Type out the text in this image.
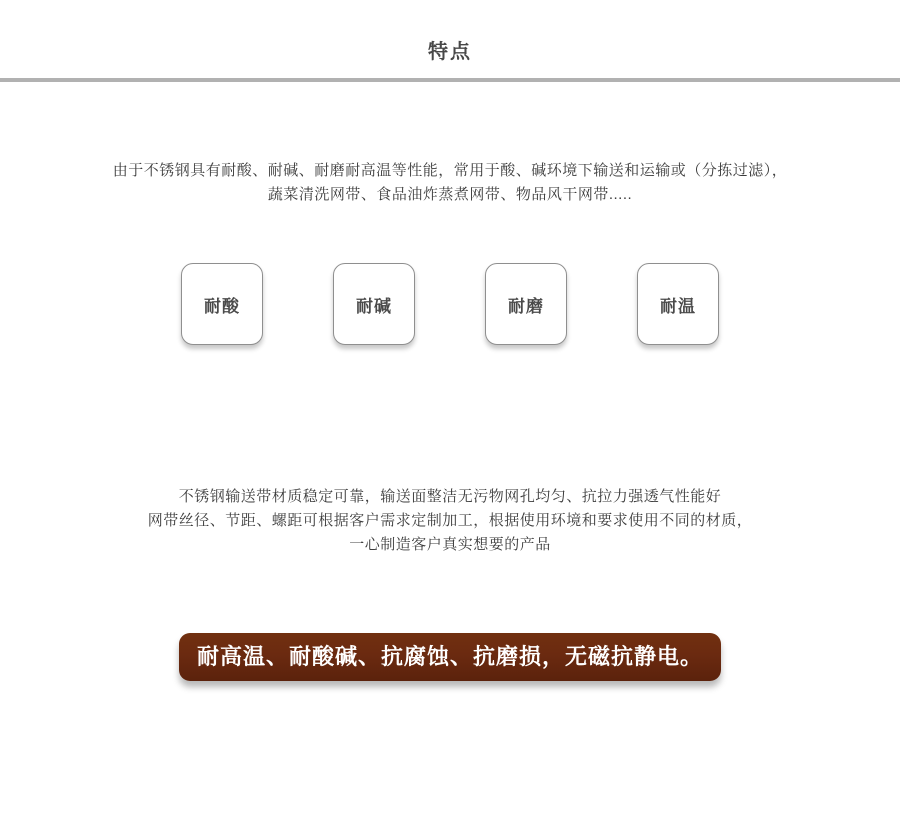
特点

由于不锈钢具有耐酸、耐碱、耐磨耐高温等性能，常用于酸、碱环境下输送和运输或（分拣过滤），
蔬菜清洗网带、食品油炸蒸煮网带、物品风干网带.....

耐酸	耐碱	耐磨	耐温

不锈钢输送带材质稳定可靠，输送面整洁无污物网孔均匀、抗拉力强透气性能好
网带丝径、节距、螺距可根据客户需求定制加工，根据使用环境和要求使用不同的材质，
一心制造客户真实想要的产品

耐高温、耐酸碱、抗腐蚀、抗磨损，无磁抗静电。
